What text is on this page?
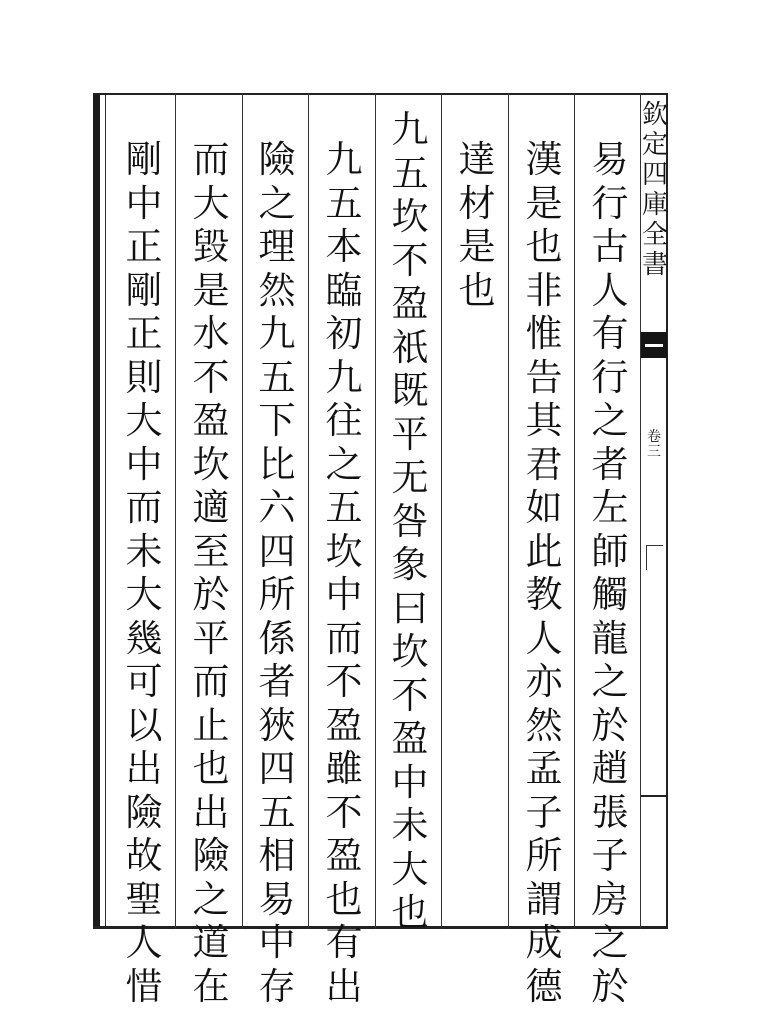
欽
定
四
庫
全
書
卷
三
易
行
古
人
有
行
之
者
左
師
觸
龍
之
於
趙
張
子
房
之
於
漢
是
也
非
惟
告
其
君
如
此
教
人
亦
然
孟
子
所
謂
成
德
達
材
是
也
九
五
坎
不
盈
祇
既
平
无
咎
象
曰
坎
不
盈
中
未
大
也
九
五
本
臨
初
九
往
之
五
坎
中
而
不
盈
雖
不
盈
也
有
出
險
之
理
然
九
五
下
比
六
四
所
係
者
狹
四
五
相
易
中
存
而
大
毀
是
水
不
盈
坎
適
至
於
平
而
止
也
出
險
之
道
在
剛
中
正
剛
正
則
大
中
而
未
大
幾
可
以
出
險
故
聖
人
惜
